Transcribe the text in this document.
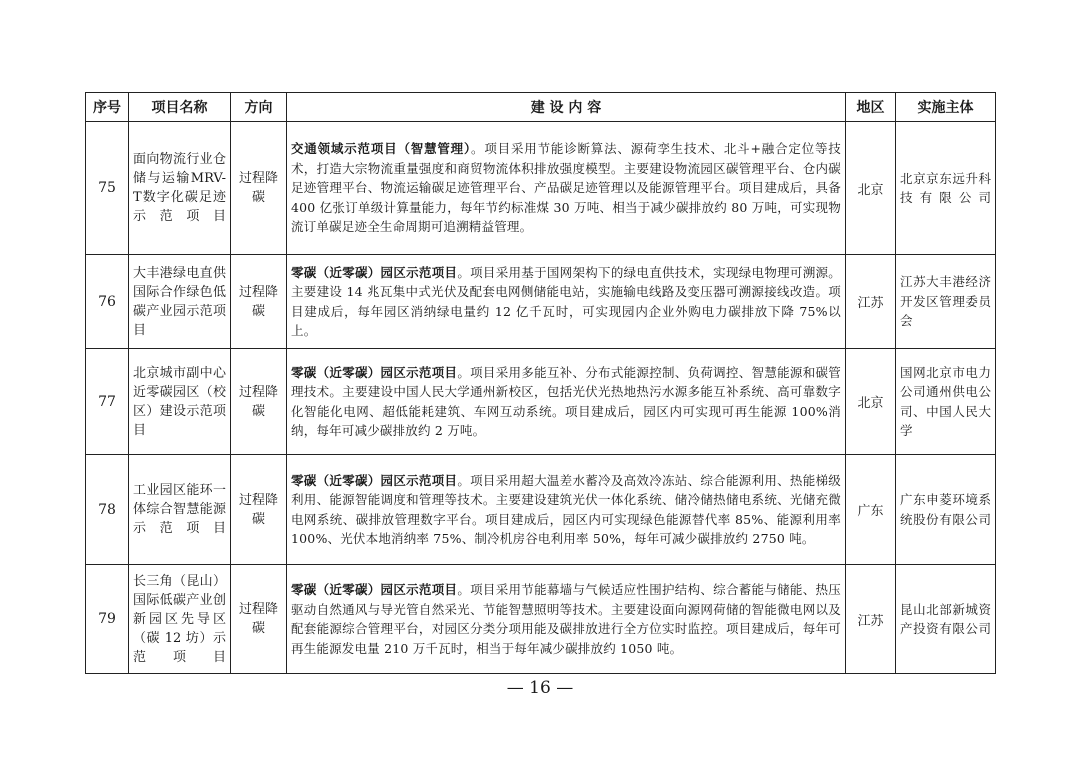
序号	项目名称	方向	建 设 内 容	地区	实施主体
75	面向物流行业仓储与运输MRV-T数字化碳足迹示范项目	过程降碳	交通领域示范项目（智慧管理）。项目采用节能诊断算法、源荷孪生技术、北斗+融合定位等技术，打造大宗物流重量强度和商贸物流体积排放强度模型。主要建设物流园区碳管理平台、仓内碳足迹管理平台、物流运输碳足迹管理平台、产品碳足迹管理以及能源管理平台。项目建成后，具备 400 亿张订单级计算量能力，每年节约标准煤 30 万吨、相当于减少碳排放约 80 万吨，可实现物流订单碳足迹全生命周期可追溯精益管理。	北京	北京京东远升科技有限公司
76	大丰港绿电直供国际合作绿色低碳产业园示范项目	过程降碳	零碳（近零碳）园区示范项目。项目采用基于国网架构下的绿电直供技术，实现绿电物理可溯源。主要建设 14 兆瓦集中式光伏及配套电网侧储能电站，实施输电线路及变压器可溯源接线改造。项目建成后，每年园区消纳绿电量约 12 亿千瓦时，可实现园内企业外购电力碳排放下降 75%以上。	江苏	江苏大丰港经济开发区管理委员会
77	北京城市副中心近零碳园区（校区）建设示范项目	过程降碳	零碳（近零碳）园区示范项目。项目采用多能互补、分布式能源控制、负荷调控、智慧能源和碳管理技术。主要建设中国人民大学通州新校区，包括光伏光热地热污水源多能互补系统、高可靠数字化智能化电网、超低能耗建筑、车网互动系统。项目建成后，园区内可实现可再生能源 100%消纳，每年可减少碳排放约 2 万吨。	北京	国网北京市电力公司通州供电公司、中国人民大学
78	工业园区能环一体综合智慧能源示范项目	过程降碳	零碳（近零碳）园区示范项目。项目采用超大温差水蓄冷及高效冷冻站、综合能源利用、热能梯级利用、能源智能调度和管理等技术。主要建设建筑光伏一体化系统、储冷储热储电系统、光储充微电网系统、碳排放管理数字平台。项目建成后，园区内可实现绿色能源替代率 85%、能源利用率 100%、光伏本地消纳率 75%、制冷机房谷电利用率 50%，每年可减少碳排放约 2750 吨。	广东	广东申菱环境系统股份有限公司
79	长三角（昆山）国际低碳产业创新园区先导区（碳 12 坊）示范项目	过程降碳	零碳（近零碳）园区示范项目。项目采用节能幕墙与气候适应性围护结构、综合蓄能与储能、热压驱动自然通风与导光管自然采光、节能智慧照明等技术。主要建设面向源网荷储的智能微电网以及配套能源综合管理平台，对园区分类分项用能及碳排放进行全方位实时监控。项目建成后，每年可再生能源发电量 210 万千瓦时，相当于每年减少碳排放约 1050 吨。	江苏	昆山北部新城资产投资有限公司
— 16 —
